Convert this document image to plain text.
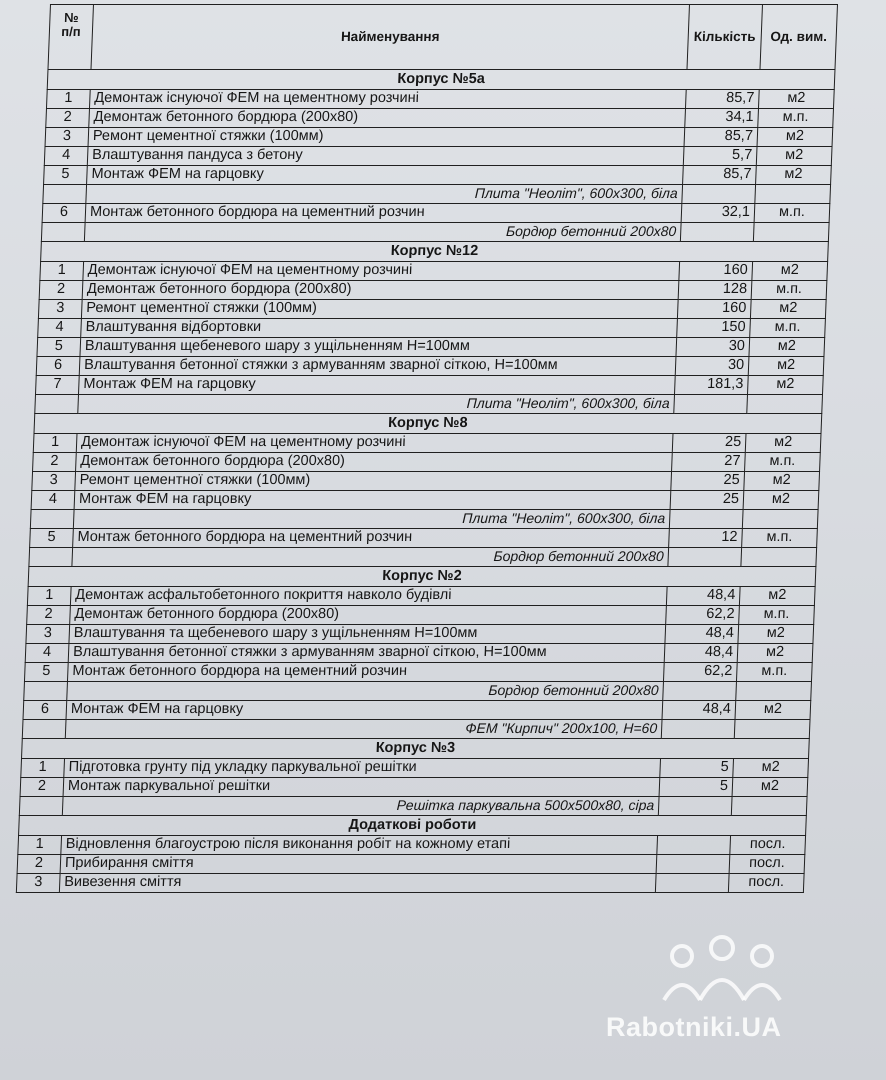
№
п/п	Найменування	Кількість	Од. вим.
Корпус №5а			
1	Демонтаж існуючої ФЕМ на цементному розчині	85,7	м2
2	Демонтаж бетонного бордюра (200х80)	34,1	м.п.
3	Ремонт цементної стяжки (100мм)	85,7	м2
4	Влаштування пандуса з бетону	5,7	м2
5	Монтаж ФЕМ на гарцовку	85,7	м2
	Плита "Неоліт", 600х300, біла		
6	Монтаж бетонного бордюра на цементний розчин	32,1	м.п.
	Бордюр бетонний 200х80		
Корпус №12			
1	Демонтаж існуючої ФЕМ на цементному розчині	160	м2
2	Демонтаж бетонного бордюра (200х80)	128	м.п.
3	Ремонт цементної стяжки (100мм)	160	м2
4	Влаштування відбортовки	150	м.п.
5	Влаштування щебеневого шару з ущільненням Н=100мм	30	м2
6	Влаштування бетонної стяжки з армуванням зварної сіткою, Н=100мм	30	м2
7	Монтаж ФЕМ на гарцовку	181,3	м2
	Плита "Неоліт", 600х300, біла		
Корпус №8			
1	Демонтаж існуючої ФЕМ на цементному розчині	25	м2
2	Демонтаж бетонного бордюра (200х80)	27	м.п.
3	Ремонт цементної стяжки (100мм)	25	м2
4	Монтаж ФЕМ на гарцовку	25	м2
	Плита "Неоліт", 600х300, біла		
5	Монтаж бетонного бордюра на цементний розчин	12	м.п.
	Бордюр бетонний 200х80		
Корпус №2			
1	Демонтаж асфальтобетонного покриття навколо будівлі	48,4	м2
2	Демонтаж бетонного бордюра (200х80)	62,2	м.п.
3	Влаштування та щебеневого шару з ущільненням Н=100мм	48,4	м2
4	Влаштування бетонної стяжки з армуванням зварної сіткою, Н=100мм	48,4	м2
5	Монтаж бетонного бордюра на цементний розчин	62,2	м.п.
	Бордюр бетонний 200х80		
6	Монтаж ФЕМ на гарцовку	48,4	м2
	ФЕМ "Кирпич" 200х100, Н=60		
Корпус №3			
1	Підготовка грунту під укладку паркувальної решітки	5	м2
2	Монтаж паркувальної решітки	5	м2
	Решітка паркувальна 500х500х80, сіра		
Додаткові роботи			
1	Відновлення благоустрою після виконання робіт на кожному етапі		посл.
2	Прибирання сміття		посл.
3	Вивезення сміття		посл.
Rabotniki.UA
